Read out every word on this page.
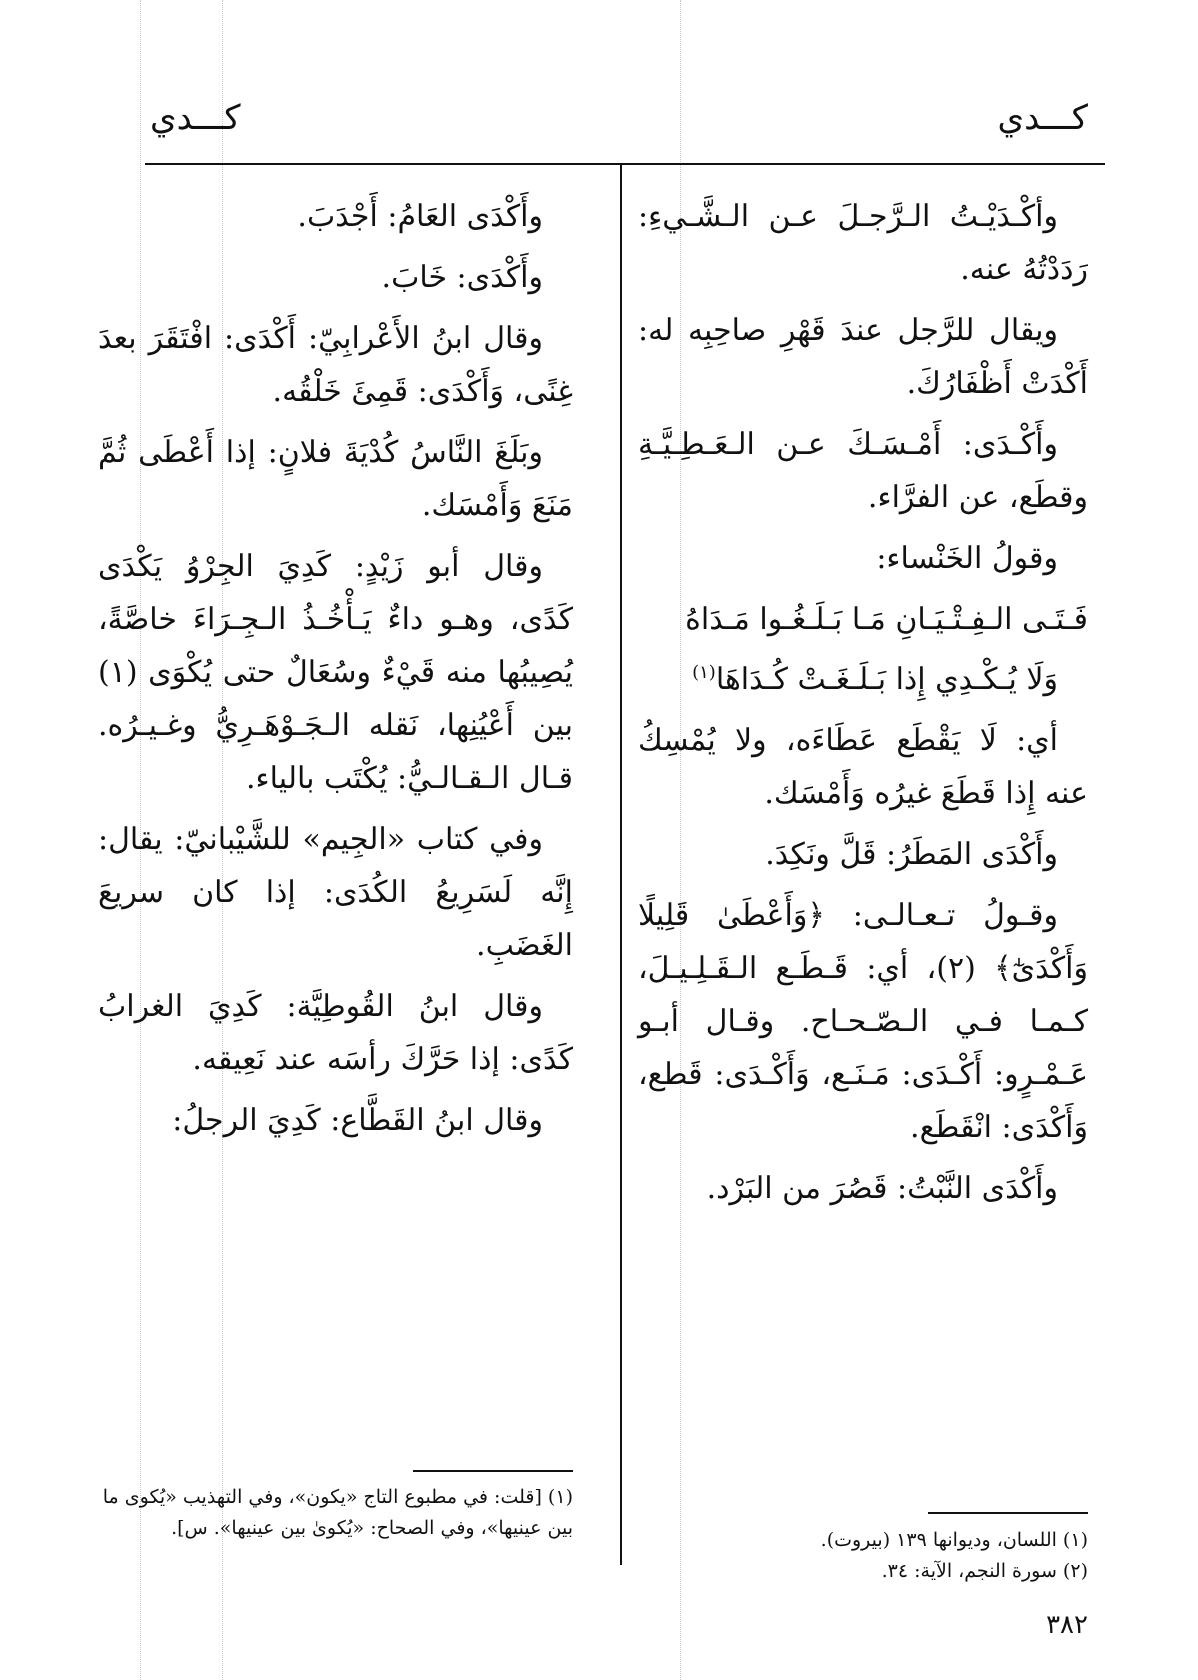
كـــدي
كـــدي

وأكْـدَيْـتُ الـرَّجـلَ عـن الـشَّـيءِ: رَدَدْتُهُ عنه.

ويقال للرَّجل عندَ قَهْرِ صاحِبِه له: أَكْدَتْ أَظْفَارُكَ.

وأَكْـدَى: أَمْـسَـكَ عـن الـعَـطِـيَّـةِ وقطَع، عن الفرَّاء.

وقولُ الخَنْساء:

فَـتَـى الـفِـتْـيَـانِ مَـا بَـلَـغُـوا مَـدَاهُ
وَلَا يُـكْـدِي إِذا بَـلَـغَـتْ كُـدَاهَا$^{(١)}$

أي: لَا يَقْطَع عَطَاءَه، ولا يُمْسِكُ عنه إِذا قَطَعَ غيرُه وَأَمْسَك.

وأَكْدَى المَطَرُ: قَلَّ ونَكِدَ.

وقـولُ تـعـالـى: ﴿وَأَعْطَىٰ قَلِيلًا وَأَكْدَىٰٓ﴾ (٢)، أي: قَـطَـع الـقَـلِـيـلَ، كـمـا فـي الـصّـحـاح. وقـال أبـو عَـمْـرٍو: أَكْـدَى: مَـنَـع، وَأَكْـدَى: قَطع، وَأَكْدَى: انْقَطَع.

وأَكْدَى النَّبْتُ: قَصُرَ من البَرْد.

وأَكْدَى العَامُ: أَجْدَبَ.

وأَكْدَى: خَابَ.

وقال ابنُ الأَعْرابِيّ: أَكْدَى: افْتَقَرَ بعدَ غِنًى، وَأَكْدَى: قَمِئَ خَلْقُه.

وبَلَغَ النَّاسُ كُدْيَةَ فلانٍ: إذا أَعْطَى ثُمَّ مَنَعَ وَأَمْسَك.

وقال أبو زَيْدٍ: كَدِيَ الجِرْوُ يَكْدَى كَدًى، وهـو داءٌ يَـأْخُـذُ الـجِـرَاءَ خاصَّةً، يُصِيبُها منه قَيْءٌ وسُعَالٌ حتى يُكْوَى (١) بين أَعْيُنِها، نَقله الـجَـوْهَـرِيُّ وغـيـرُه. قـال الـقـالـيُّ: يُكْتَب بالياء.

وفي كتاب «الجِيم» للشَّيْبانيّ: يقال: إِنَّه لَسَرِيعُ الكُدَى: إذا كان سريعَ الغَضَبِ.

وقال ابنُ القُوطِيَّة: كَدِيَ الغرابُ كَدًى: إذا حَرَّكَ رأسَه عند نَعِيقه.

وقال ابنُ القَطَّاع: كَدِيَ الرجلُ:

(١) اللسان، وديوانها ١٣٩ (بيروت).
(٢) سورة النجم، الآية: ٣٤.
(١) [قلت: في مطبوع التاج «يكون»، وفي التهذيب «يُكوى ما بين عينيها»، وفي الصحاح: «يُكوىٰ بين عينيها». س].
٣٨٢
